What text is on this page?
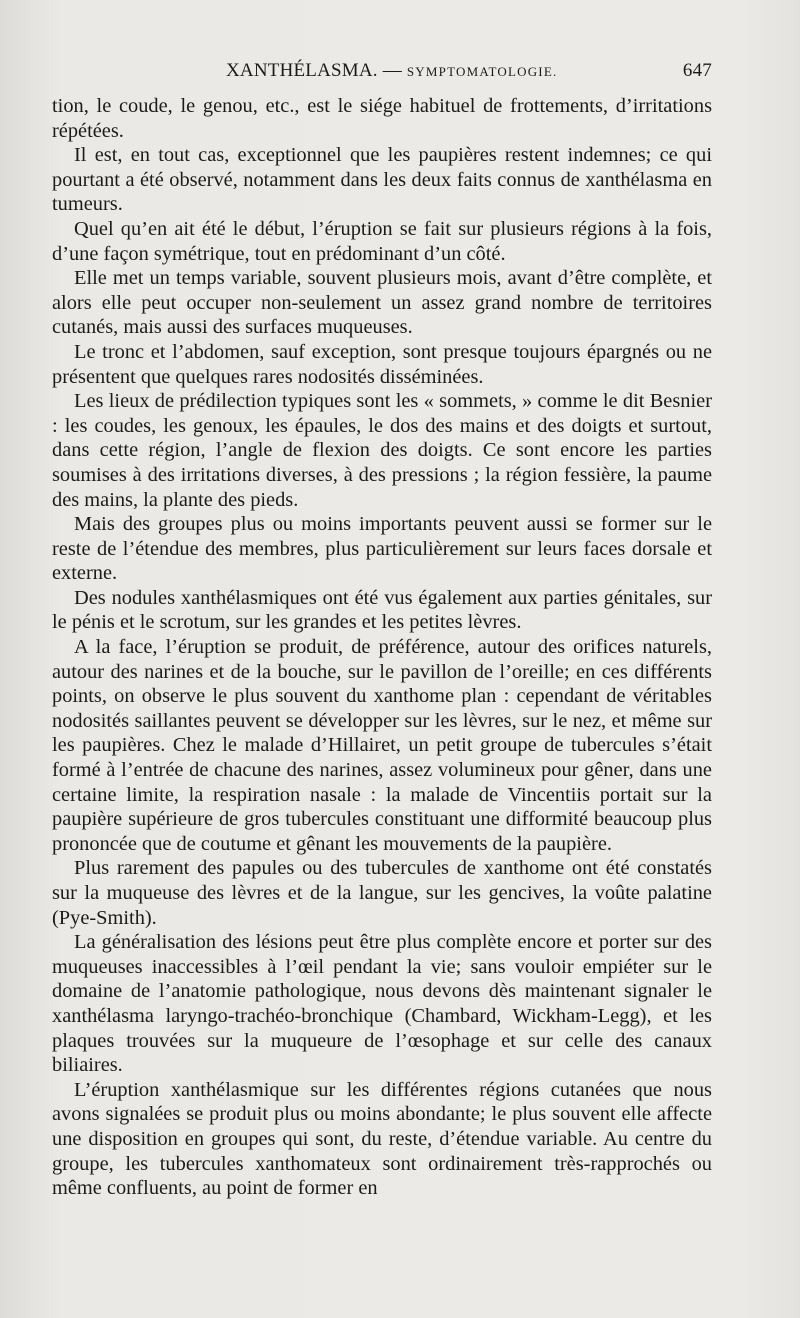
XANTHÉLASMA. — SYMPTOMATOLOGIE.	647

tion, le coude, le genou, etc., est le siége habituel de frottements, d’irritations répétées.

Il est, en tout cas, exceptionnel que les paupières restent indemnes; ce qui pourtant a été observé, notamment dans les deux faits connus de xanthélasma en tumeurs.

Quel qu’en ait été le début, l’éruption se fait sur plusieurs régions à la fois, d’une façon symétrique, tout en prédominant d’un côté.

Elle met un temps variable, souvent plusieurs mois, avant d’être complète, et alors elle peut occuper non-seulement un assez grand nombre de territoires cutanés, mais aussi des surfaces muqueuses.

Le tronc et l’abdomen, sauf exception, sont presque toujours épargnés ou ne présentent que quelques rares nodosités disséminées.

Les lieux de prédilection typiques sont les « sommets, » comme le dit Besnier : les coudes, les genoux, les épaules, le dos des mains et des doigts et surtout, dans cette région, l’angle de flexion des doigts. Ce sont encore les parties soumises à des irritations diverses, à des pressions ; la région fessière, la paume des mains, la plante des pieds.

Mais des groupes plus ou moins importants peuvent aussi se former sur le reste de l’étendue des membres, plus particulièrement sur leurs faces dorsale et externe.

Des nodules xanthélasmiques ont été vus également aux parties génitales, sur le pénis et le scrotum, sur les grandes et les petites lèvres.

A la face, l’éruption se produit, de préférence, autour des orifices naturels, autour des narines et de la bouche, sur le pavillon de l’oreille; en ces différents points, on observe le plus souvent du xanthome plan : cependant de véritables nodosités saillantes peuvent se développer sur les lèvres, sur le nez, et même sur les paupières. Chez le malade d’Hillairet, un petit groupe de tubercules s’était formé à l’entrée de chacune des narines, assez volumineux pour gêner, dans une certaine limite, la respiration nasale : la malade de Vincentiis portait sur la paupière supérieure de gros tubercules constituant une difformité beaucoup plus prononcée que de coutume et gênant les mouvements de la paupière.

Plus rarement des papules ou des tubercules de xanthome ont été constatés sur la muqueuse des lèvres et de la langue, sur les gencives, la voûte palatine (Pye-Smith).

La généralisation des lésions peut être plus complète encore et porter sur des muqueuses inaccessibles à l’œil pendant la vie; sans vouloir empiéter sur le domaine de l’anatomie pathologique, nous devons dès maintenant signaler le xanthélasma laryngo-trachéo-bronchique (Chambard, Wickham-Legg), et les plaques trouvées sur la muqueure de l’œsophage et sur celle des canaux biliaires.

L’éruption xanthélasmique sur les différentes régions cutanées que nous avons signalées se produit plus ou moins abondante; le plus souvent elle affecte une disposition en groupes qui sont, du reste, d’étendue variable. Au centre du groupe, les tubercules xanthomateux sont ordinairement très-rapprochés ou même confluents, au point de former en
